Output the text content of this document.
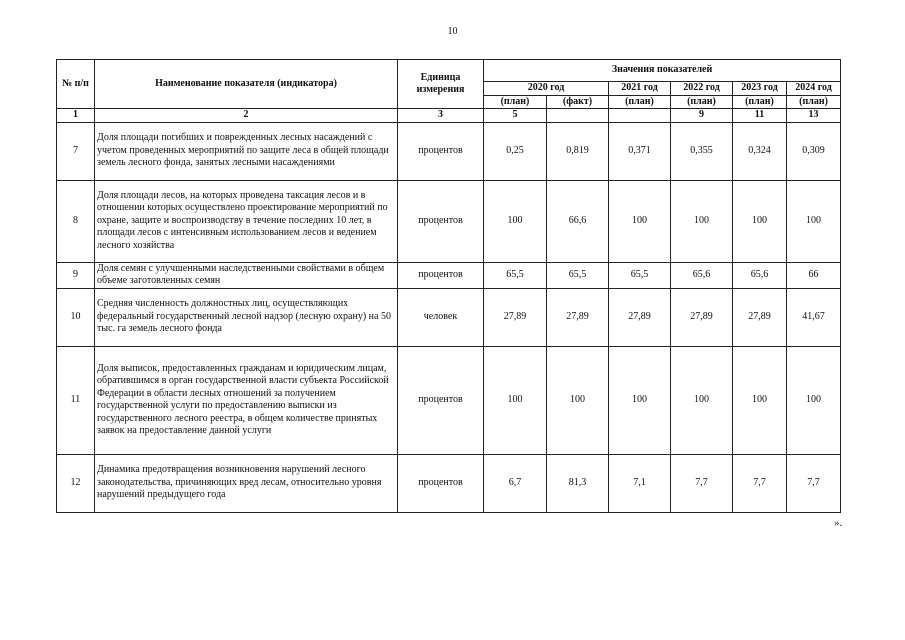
10
№ п/п	Наименование показателя (индикатора)	Единица измерения	Значения показателей					
			2020 год		2021 год	2022 год	2023 год	2024 год
			(план)	(факт)	(план)	(план)	(план)	(план)
1	2	3	5			9	11	13
7	Доля площади погибших и поврежденных лесных насаждений с учетом проведенных мероприятий по защите леса в общей площади земель лесного фонда, занятых лесными насаждениями	процентов	0,25	0,819	0,371	0,355	0,324	0,309
8	Доля площади лесов, на которых проведена таксация лесов и в отношении которых осуществлено проектирование мероприятий по охране, защите и воспроизводству в течение последних 10 лет, в площади лесов с интенсивным использованием лесов и ведением лесного хозяйства	процентов	100	66,6	100	100	100	100
9	Доля семян с улучшенными наследственными свойствами в общем объеме заготовленных семян	процентов	65,5	65,5	65,5	65,6	65,6	66
10	Средняя численность должностных лиц, осуществляющих федеральный государственный лесной надзор (лесную охрану) на 50 тыс. га земель лесного фонда	человек	27,89	27,89	27,89	27,89	27,89	41,67
11	Доля выписок, предоставленных гражданам и юридическим лицам, обратившимся в орган государственной власти субъекта Российской Федерации в области лесных отношений за получением государственной услуги по предоставлению выписки из государственного лесного реестра, в общем количестве принятых заявок на предоставление данной услуги	процентов	100	100	100	100	100	100
12	Динамика предотвращения возникновения нарушений лесного законодательства, причиняющих вред лесам, относительно уровня нарушений предыдущего года	процентов	6,7	81,3	7,1	7,7	7,7	7,7
».
